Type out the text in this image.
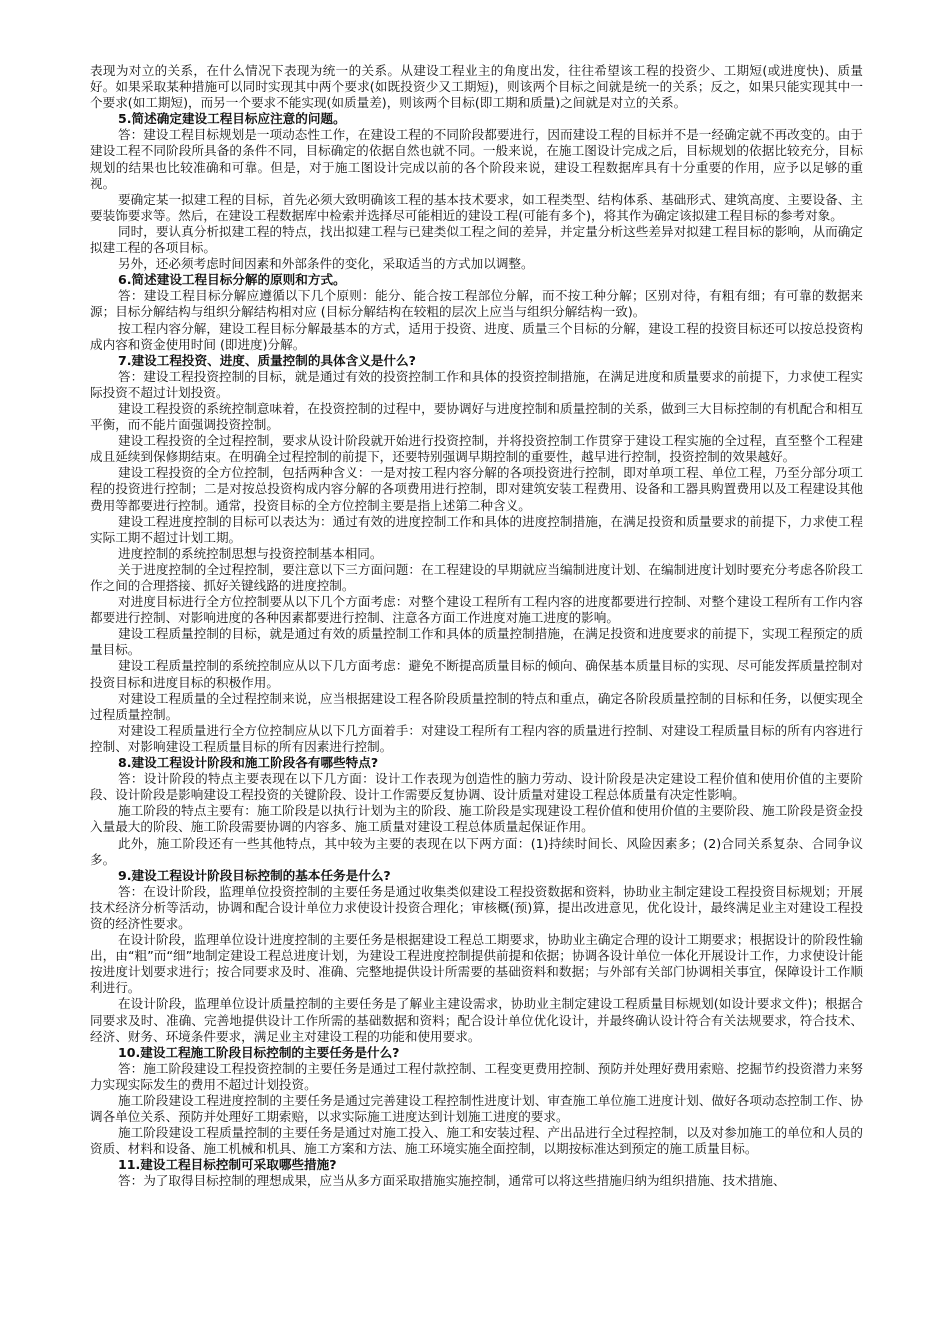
表现为对立的关系，在什么情况下表现为统一的关系。从建设工程业主的角度出发，往往希望该工程的投资少、工期短(或进度快)、质量好。如果采取某种措施可以同时实现其中两个要求(如既投资少又工期短)，则该两个目标之间就是统一的关系；反之，如果只能实现其中一个要求(如工期短)，而另一个要求不能实现(如质量差)，则该两个目标(即工期和质量)之间就是对立的关系。

5.简述确定建设工程目标应注意的问题。

答：建设工程目标规划是一项动态性工作，在建设工程的不同阶段都要进行，因而建设工程的目标并不是一经确定就不再改变的。由于建设工程不同阶段所具备的条件不同，目标确定的依据自然也就不同。一般来说，在施工图设计完成之后，目标规划的依据比较充分，目标规划的结果也比较准确和可靠。但是，对于施工图设计完成以前的各个阶段来说，建设工程数据库具有十分重要的作用，应予以足够的重视。

要确定某一拟建工程的目标，首先必须大致明确该工程的基本技术要求，如工程类型、结构体系、基础形式、建筑高度、主要设备、主要装饰要求等。然后，在建设工程数据库中检索并选择尽可能相近的建设工程(可能有多个)，将其作为确定该拟建工程目标的参考对象。

同时，要认真分析拟建工程的特点，找出拟建工程与已建类似工程之间的差异，并定量分析这些差异对拟建工程目标的影响，从而确定拟建工程的各项目标。

另外，还必须考虑时间因素和外部条件的变化，采取适当的方式加以调整。

6.简述建设工程目标分解的原则和方式。

答：建设工程目标分解应遵循以下几个原则：能分、能合按工程部位分解，而不按工种分解；区别对待，有粗有细；有可靠的数据来源；目标分解结构与组织分解结构相对应 (目标分解结构在较粗的层次上应当与组织分解结构一致)。

按工程内容分解，建设工程目标分解最基本的方式，适用于投资、进度、质量三个目标的分解，建设工程的投资目标还可以按总投资构成内容和资金使用时间 (即进度)分解。

7.建设工程投资、进度、质量控制的具体含义是什么?

答：建设工程投资控制的目标，就是通过有效的投资控制工作和具体的投资控制措施，在满足进度和质量要求的前提下，力求使工程实际投资不超过计划投资。

建设工程投资的系统控制意味着，在投资控制的过程中，要协调好与进度控制和质量控制的关系，做到三大目标控制的有机配合和相互平衡，而不能片面强调投资控制。

建设工程投资的全过程控制，要求从设计阶段就开始进行投资控制，并将投资控制工作贯穿于建设工程实施的全过程，直至整个工程建成且延续到保修期结束。在明确全过程控制的前提下，还要特别强调早期控制的重要性，越早进行控制，投资控制的效果越好。

建设工程投资的全方位控制，包括两种含义：一是对按工程内容分解的各项投资进行控制，即对单项工程、单位工程，乃至分部分项工程的投资进行控制；二是对按总投资构成内容分解的各项费用进行控制，即对建筑安装工程费用、设备和工器具购置费用以及工程建设其他费用等都要进行控制。通常，投资目标的全方位控制主要是指上述第二种含义。

建设工程进度控制的目标可以表达为：通过有效的进度控制工作和具体的进度控制措施，在满足投资和质量要求的前提下，力求使工程实际工期不超过计划工期。

进度控制的系统控制思想与投资控制基本相同。

关于进度控制的全过程控制，要注意以下三方面问题：在工程建设的早期就应当编制进度计划、在编制进度计划时要充分考虑各阶段工作之间的合理搭接、抓好关键线路的进度控制。

对进度目标进行全方位控制要从以下几个方面考虑：对整个建设工程所有工程内容的进度都要进行控制、对整个建设工程所有工作内容都要进行控制、对影响进度的各种因素都要进行控制、注意各方面工作进度对施工进度的影响。

建设工程质量控制的目标，就是通过有效的质量控制工作和具体的质量控制措施，在满足投资和进度要求的前提下，实现工程预定的质量目标。

建设工程质量控制的系统控制应从以下几方面考虑：避免不断提高质量目标的倾向、确保基本质量目标的实现、尽可能发挥质量控制对投资目标和进度目标的积极作用。

对建设工程质量的全过程控制来说，应当根据建设工程各阶段质量控制的特点和重点，确定各阶段质量控制的目标和任务，以便实现全过程质量控制。

对建设工程质量进行全方位控制应从以下几方面着手：对建设工程所有工程内容的质量进行控制、对建设工程质量目标的所有内容进行控制、对影响建设工程质量目标的所有因素进行控制。

8.建设工程设计阶段和施工阶段各有哪些特点?

答：设计阶段的特点主要表现在以下几方面：设计工作表现为创造性的脑力劳动、设计阶段是决定建设工程价值和使用价值的主要阶段、设计阶段是影响建设工程投资的关键阶段、设计工作需要反复协调、设计质量对建设工程总体质量有决定性影响。

施工阶段的特点主要有：施工阶段是以执行计划为主的阶段、施工阶段是实现建设工程价值和使用价值的主要阶段、施工阶段是资金投入量最大的阶段、施工阶段需要协调的内容多、施工质量对建设工程总体质量起保证作用。

此外，施工阶段还有一些其他特点，其中较为主要的表现在以下两方面：(1)持续时间长、风险因素多；(2)合同关系复杂、合同争议多。

9.建设工程设计阶段目标控制的基本任务是什么?

答：在设计阶段，监理单位投资控制的主要任务是通过收集类似建设工程投资数据和资料，协助业主制定建设工程投资目标规划；开展技术经济分析等活动，协调和配合设计单位力求使设计投资合理化；审核概(预)算，提出改进意见，优化设计，最终满足业主对建设工程投资的经济性要求。

在设计阶段，监理单位设计进度控制的主要任务是根据建设工程总工期要求，协助业主确定合理的设计工期要求；根据设计的阶段性输出，由“粗”而“细”地制定建设工程总进度计划，为建设工程进度控制提供前提和依据；协调各设计单位一体化开展设计工作，力求使设计能按进度计划要求进行；按合同要求及时、准确、完整地提供设计所需要的基础资料和数据；与外部有关部门协调相关事宜，保障设计工作顺利进行。

在设计阶段，监理单位设计质量控制的主要任务是了解业主建设需求，协助业主制定建设工程质量目标规划(如设计要求文件)；根据合同要求及时、准确、完善地提供设计工作所需的基础数据和资料；配合设计单位优化设计，并最终确认设计符合有关法规要求，符合技术、经济、财务、环境条件要求，满足业主对建设工程的功能和使用要求。

10.建设工程施工阶段目标控制的主要任务是什么?

答：施工阶段建设工程投资控制的主要任务是通过工程付款控制、工程变更费用控制、预防并处理好费用索赔、挖掘节约投资潜力来努力实现实际发生的费用不超过计划投资。

施工阶段建设工程进度控制的主要任务是通过完善建设工程控制性进度计划、审查施工单位施工进度计划、做好各项动态控制工作、协调各单位关系、预防并处理好工期索赔，以求实际施工进度达到计划施工进度的要求。

施工阶段建设工程质量控制的主要任务是通过对施工投入、施工和安装过程、产出品进行全过程控制，以及对参加施工的单位和人员的资质、材料和设备、施工机械和机具、施工方案和方法、施工环境实施全面控制，以期按标准达到预定的施工质量目标。

11.建设工程目标控制可采取哪些措施?

答：为了取得目标控制的理想成果，应当从多方面采取措施实施控制，通常可以将这些措施归纳为组织措施、技术措施、
